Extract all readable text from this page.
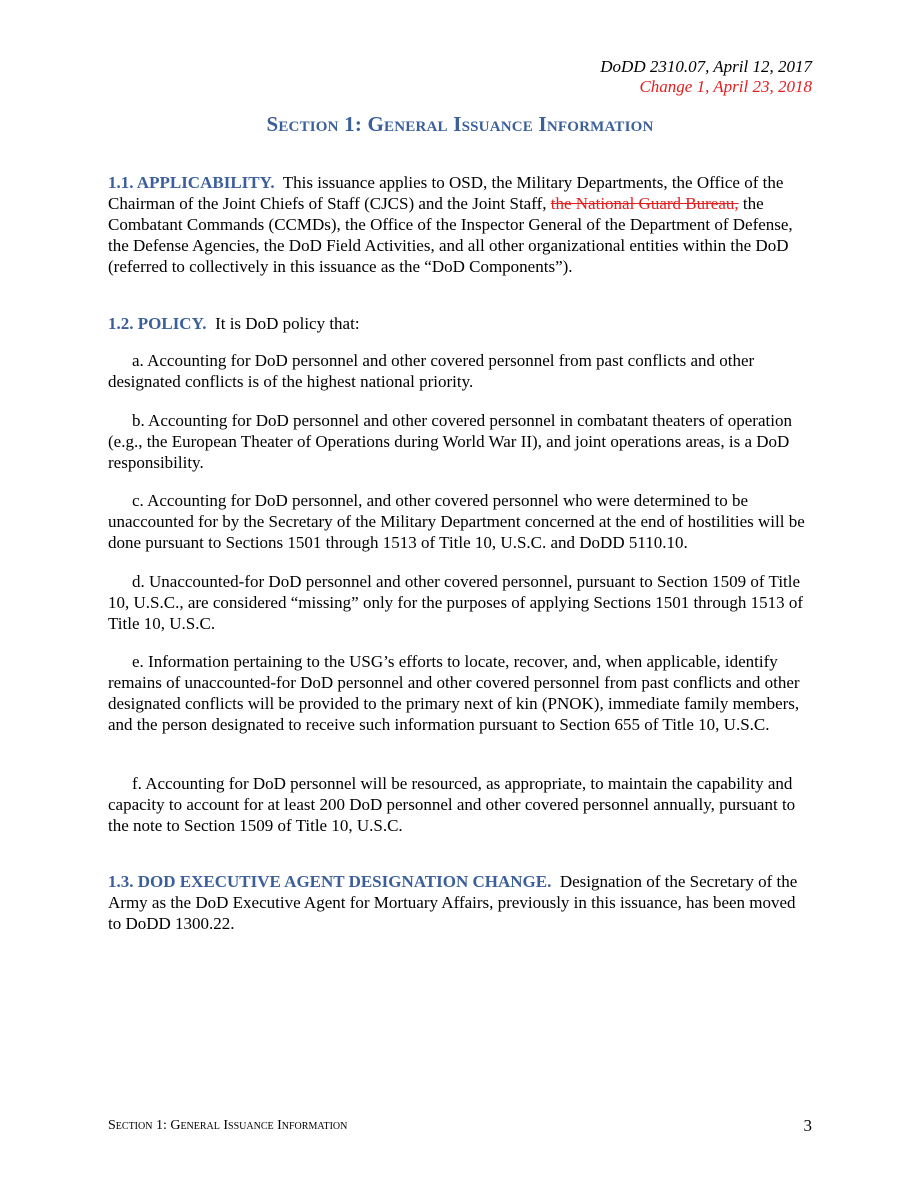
DoDD 2310.07, April 12, 2017
Change 1, April 23, 2018
Section 1: General Issuance Information

1.1. APPLICABILITY. This issuance applies to OSD, the Military Departments, the Office of the Chairman of the Joint Chiefs of Staff (CJCS) and the Joint Staff, the National Guard Bureau, the Combatant Commands (CCMDs), the Office of the Inspector General of the Department of Defense, the Defense Agencies, the DoD Field Activities, and all other organizational entities within the DoD (referred to collectively in this issuance as the “DoD Components”).

1.2. POLICY. It is DoD policy that:

a. Accounting for DoD personnel and other covered personnel from past conflicts and other designated conflicts is of the highest national priority.

b. Accounting for DoD personnel and other covered personnel in combatant theaters of operation (e.g., the European Theater of Operations during World War II), and joint operations areas, is a DoD responsibility.

c. Accounting for DoD personnel, and other covered personnel who were determined to be unaccounted for by the Secretary of the Military Department concerned at the end of hostilities will be done pursuant to Sections 1501 through 1513 of Title 10, U.S.C. and DoDD 5110.10.

d. Unaccounted-for DoD personnel and other covered personnel, pursuant to Section 1509 of Title 10, U.S.C., are considered “missing” only for the purposes of applying Sections 1501 through 1513 of Title 10, U.S.C.

e. Information pertaining to the USG’s efforts to locate, recover, and, when applicable, identify remains of unaccounted-for DoD personnel and other covered personnel from past conflicts and other designated conflicts will be provided to the primary next of kin (PNOK), immediate family members, and the person designated to receive such information pursuant to Section 655 of Title 10, U.S.C.

f. Accounting for DoD personnel will be resourced, as appropriate, to maintain the capability and capacity to account for at least 200 DoD personnel and other covered personnel annually, pursuant to the note to Section 1509 of Title 10, U.S.C.

1.3. DOD EXECUTIVE AGENT DESIGNATION CHANGE. Designation of the Secretary of the Army as the DoD Executive Agent for Mortuary Affairs, previously in this issuance, has been moved to DoDD 1300.22.

Section 1: General Issuance Information	3
